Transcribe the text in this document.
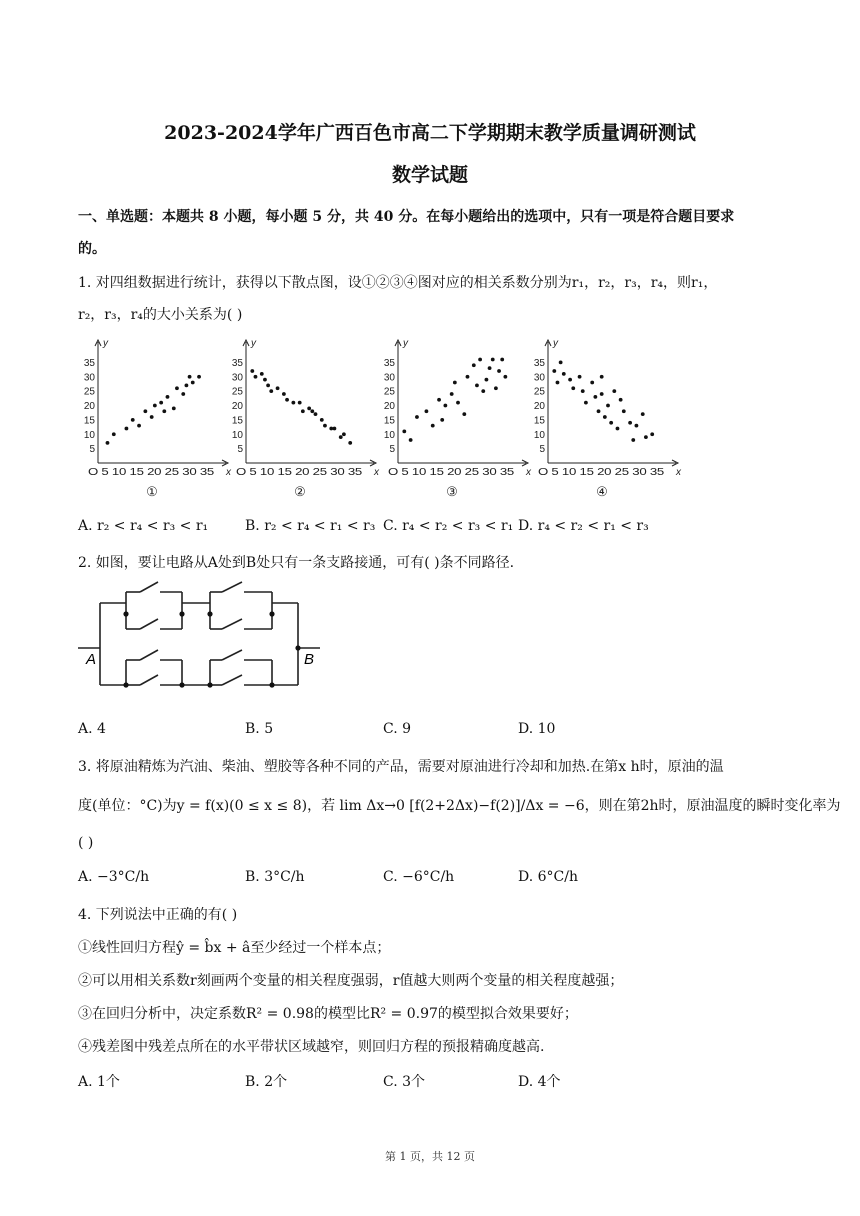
2023-2024学年广西百色市高二下学期期末教学质量调研测试
数学试题
一、单选题：本题共 8 小题，每小题 5 分，共 40 分。在每小题给出的选项中，只有一项是符合题目要求
的。
1. 对四组数据进行统计，获得以下散点图，设①②③④图对应的相关系数分别为r₁，r₂，r₃，r₄，则r₁，
r₂，r₃，r₄的大小关系为( )
35
30
25
20
15
10
5
y
x
O 5 10 15 20 25 30 35
①
35
30
25
20
15
10
5
y
x
O 5 10 15 20 25 30 35
②
35
30
25
20
15
10
5
y
x
O 5 10 15 20 25 30 35
③
35
30
25
20
15
10
5
y
x
O 5 10 15 20 25 30 35
④
A. r₂ < r₄ < r₃ < r₁	B. r₂ < r₄ < r₁ < r₃ C. r₄ < r₂ < r₃ < r₁ D. r₄ < r₂ < r₁ < r₃
2. 如图，要让电路从A处到B处只有一条支路接通，可有( )条不同路径.
A	B
A. 4	B. 5	C. 9	D. 10
3. 将原油精炼为汽油、柴油、塑胶等各种不同的产品，需要对原油进行冷却和加热.在第x h时，原油的温
度(单位：°C)为y = f(x)(0 ≤ x ≤ 8)，若 lim Δx→0 [f(2+2Δx)−f(2)]/Δx = −6，则在第2h时，原油温度的瞬时变化率为
( )
A. −3°C/h	B. 3°C/h	C. −6°C/h	D. 6°C/h
4. 下列说法中正确的有( )
①线性回归方程ŷ = b̂x + â至少经过一个样本点；
②可以用相关系数r刻画两个变量的相关程度强弱，r值越大则两个变量的相关程度越强；
③在回归分析中，决定系数R² = 0.98的模型比R² = 0.97的模型拟合效果要好；
④残差图中残差点所在的水平带状区域越窄，则回归方程的预报精确度越高.
A. 1个	B. 2个	C. 3个	D. 4个
第 1 页，共 12 页
